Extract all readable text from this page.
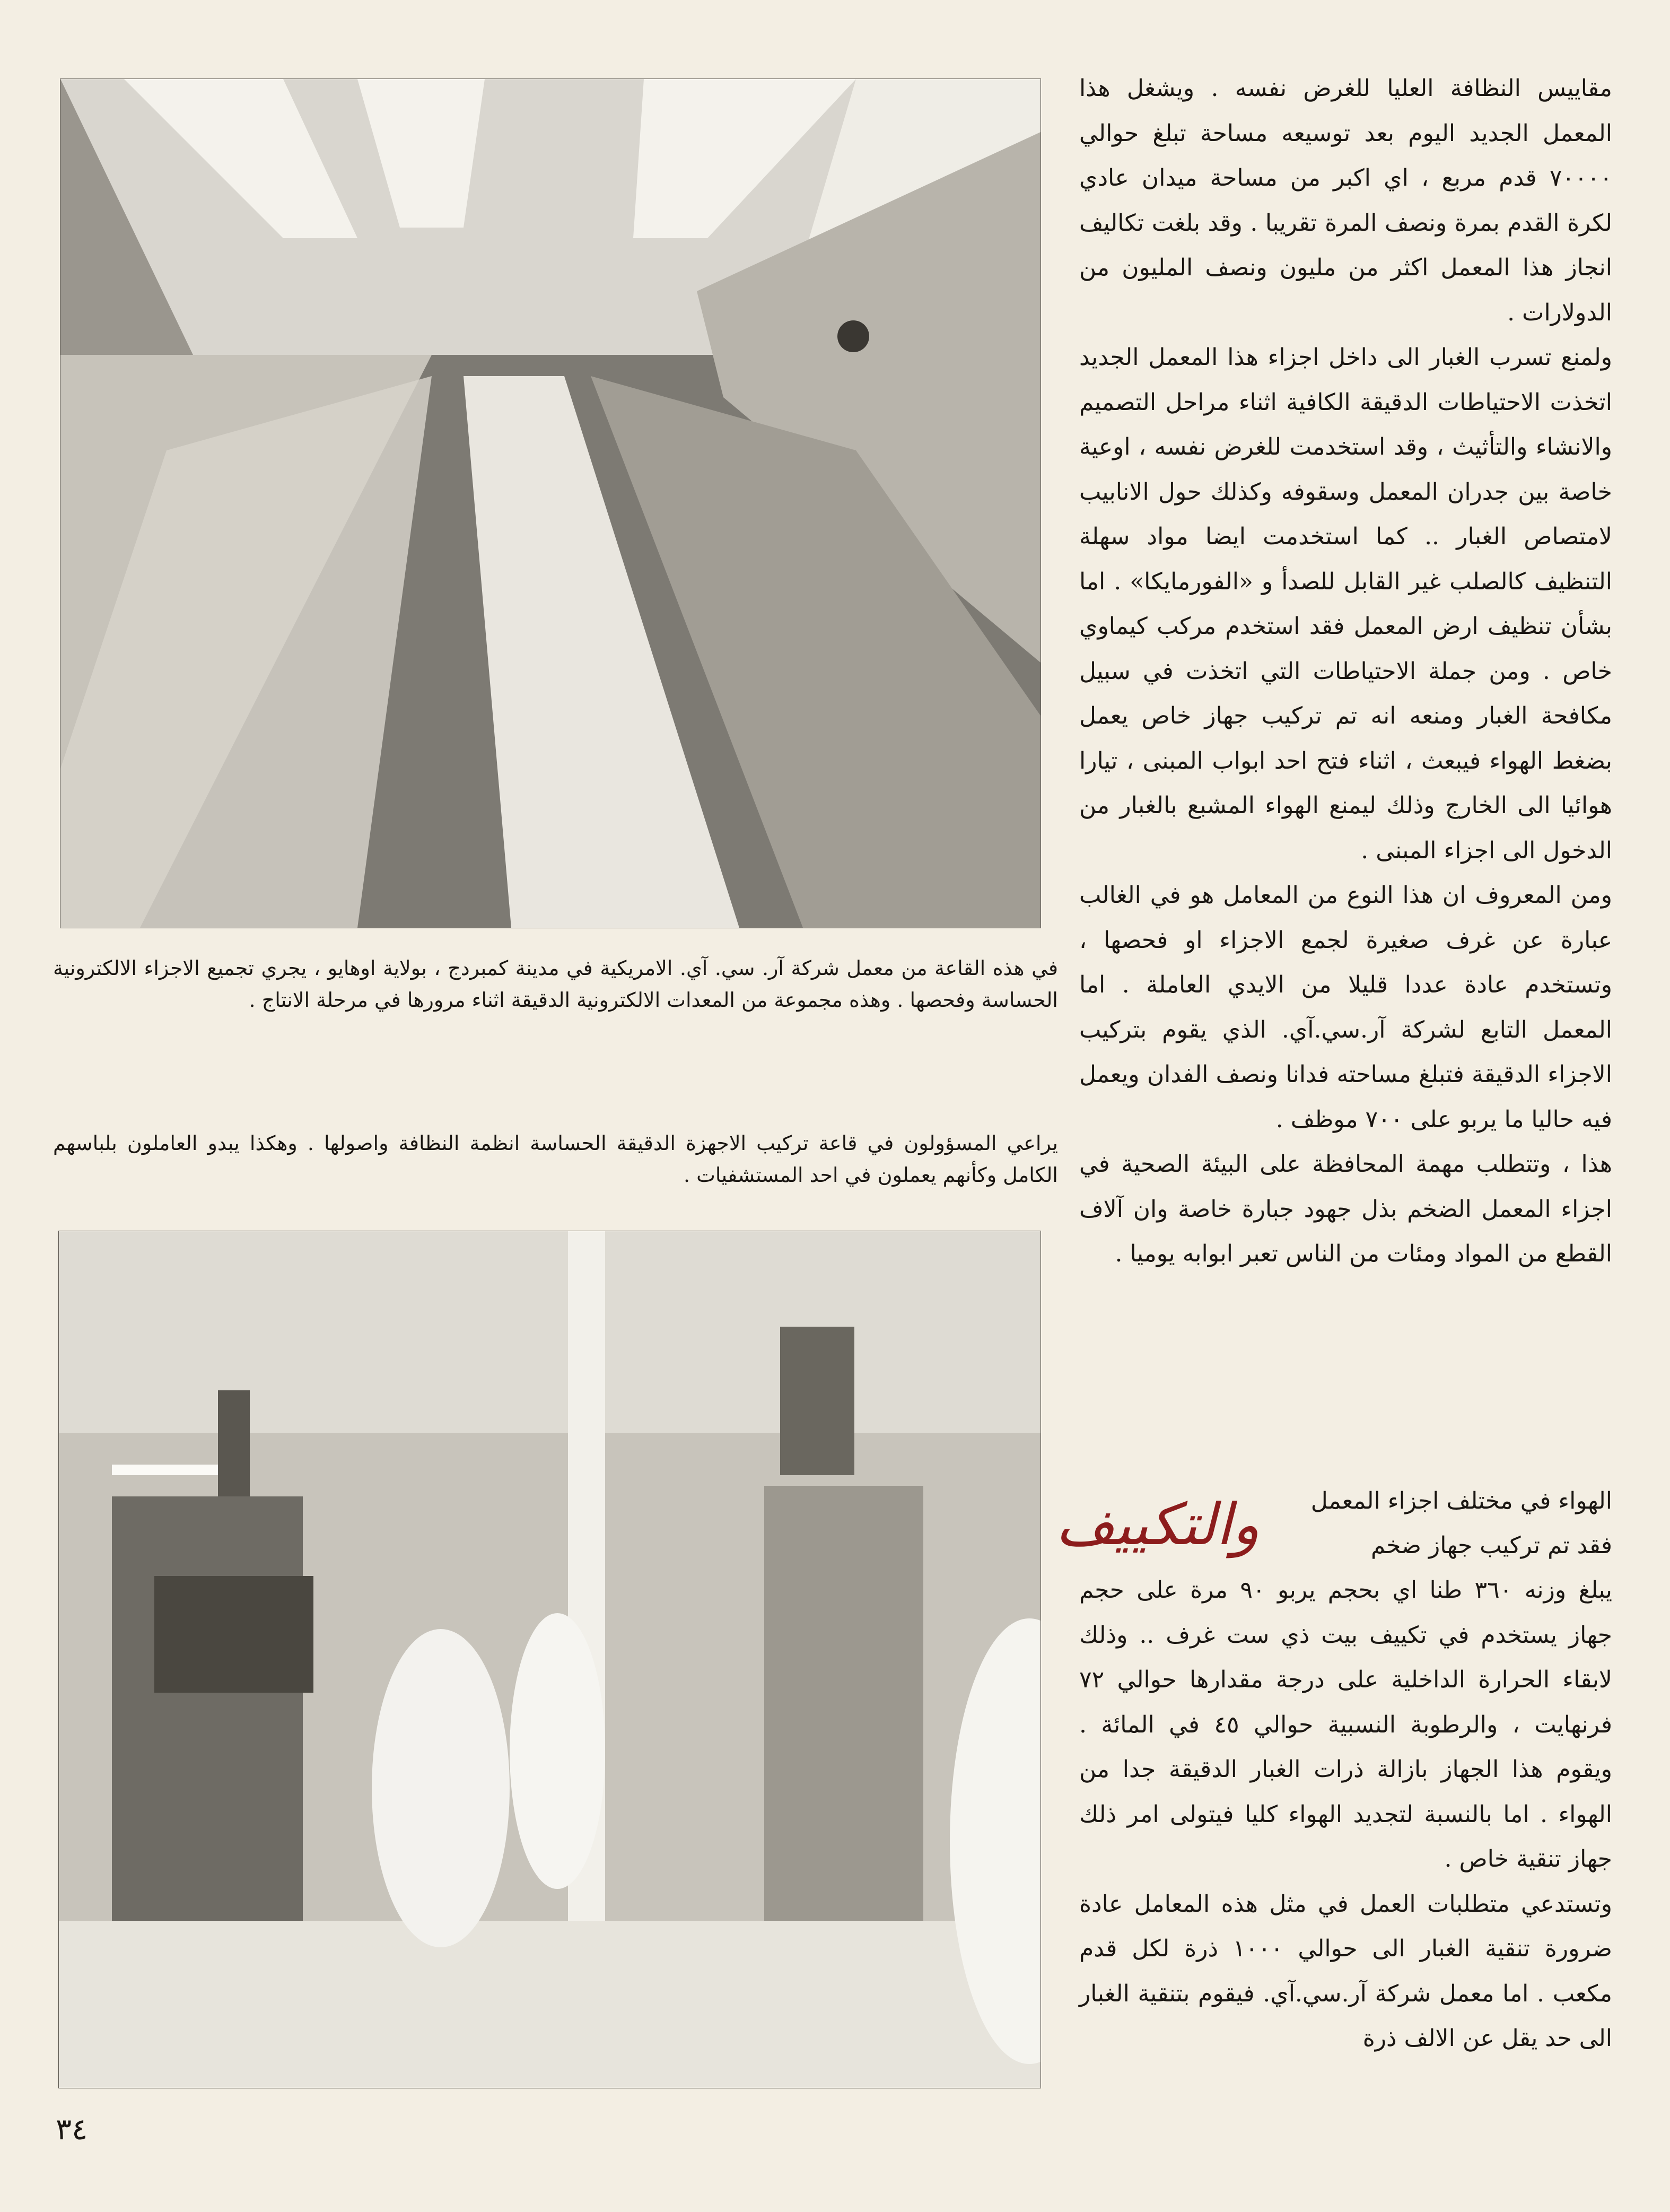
في هذه القاعة من معمل شركة آر. سي. آي. الامريكية في مدينة كمبردج ، بولاية اوهايو ، يجري تجميع الاجزاء الالكترونية الحساسة وفحصها . وهذه مجموعة من المعدات الالكترونية الدقيقة اثناء مرورها في مرحلة الانتاج .

يراعي المسؤولون في قاعة تركيب الاجهزة الدقيقة الحساسة انظمة النظافة واصولها . وهكذا يبدو العاملون بلباسهم الكامل وكأنهم يعملون في احد المستشفيات .

مقاييس النظافة العليا للغرض نفسه . ويشغل هذا المعمل الجديد اليوم بعد توسيعه مساحة تبلغ حوالي ٧٠٠٠٠ قدم مربع ، اي اكبر من مساحة ميدان عادي لكرة القدم بمرة ونصف المرة تقريبا . وقد بلغت تكاليف انجاز هذا المعمل اكثر من مليون ونصف المليون من الدولارات .

ولمنع تسرب الغبار الى داخل اجزاء هذا المعمل الجديد اتخذت الاحتياطات الدقيقة الكافية اثناء مراحل التصميم والانشاء والتأثيث ، وقد استخدمت للغرض نفسه ، اوعية خاصة بين جدران المعمل وسقوفه وكذلك حول الانابيب لامتصاص الغبار .. كما استخدمت ايضا مواد سهلة التنظيف كالصلب غير القابل للصدأ و «الفورمايكا» . اما بشأن تنظيف ارض المعمل فقد استخدم مركب كيماوي خاص . ومن جملة الاحتياطات التي اتخذت في سبيل مكافحة الغبار ومنعه انه تم تركيب جهاز خاص يعمل بضغط الهواء فيبعث ، اثناء فتح احد ابواب المبنى ، تيارا هوائيا الى الخارج وذلك ليمنع الهواء المشبع بالغبار من الدخول الى اجزاء المبنى .

ومن المعروف ان هذا النوع من المعامل هو في الغالب عبارة عن غرف صغيرة لجمع الاجزاء او فحصها ، وتستخدم عادة عددا قليلا من الايدي العاملة . اما المعمل التابع لشركة آر.سي.آي. الذي يقوم بتركيب الاجزاء الدقيقة فتبلغ مساحته فدانا ونصف الفدان ويعمل فيه حاليا ما يربو على ٧٠٠ موظف .

هذا ، وتتطلب مهمة المحافظة على البيئة الصحية في اجزاء المعمل الضخم بذل جهود جبارة خاصة وان آلاف القطع من المواد ومئات من الناس تعبر ابوابه يوميا .

والتكييف	الهواء في مختلف اجزاء المعمل

فقد تم تركيب جهاز ضخم

يبلغ وزنه ٣٦٠ طنا اي بحجم يربو ٩٠ مرة على حجم جهاز يستخدم في تكييف بيت ذي ست غرف .. وذلك لابقاء الحرارة الداخلية على درجة مقدارها حوالي ٧٢ فرنهايت ، والرطوبة النسبية حوالي ٤٥ في المائة . ويقوم هذا الجهاز بازالة ذرات الغبار الدقيقة جدا من الهواء . اما بالنسبة لتجديد الهواء كليا فيتولى امر ذلك جهاز تنقية خاص .

وتستدعي متطلبات العمل في مثل هذه المعامل عادة ضرورة تنقية الغبار الى حوالي ١٠٠٠ ذرة لكل قدم مكعب . اما معمل شركة آر.سي.آي. فيقوم بتنقية الغبار الى حد يقل عن الالف ذرة

٣٤
